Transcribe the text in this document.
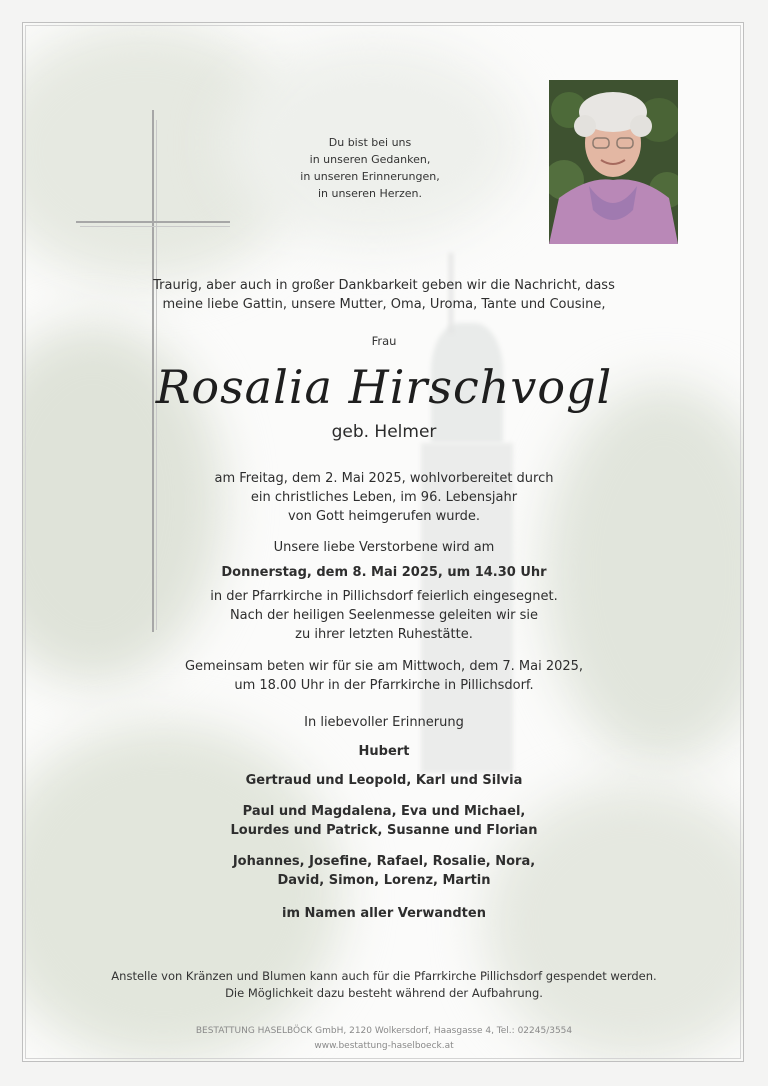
Du bist bei uns
in unseren Gedanken,
in unseren Erinnerungen,
in unseren Herzen.
Traurig, aber auch in großer Dankbarkeit geben wir die Nachricht, dass
meine liebe Gattin, unsere Mutter, Oma, Uroma, Tante und Cousine,
Frau
Rosalia Hirschvogl
geb. Helmer
am Freitag, dem 2. Mai 2025, wohlvorbereitet durch
ein christliches Leben, im 96. Lebensjahr
von Gott heimgerufen wurde.
Unsere liebe Verstorbene wird am
Donnerstag, dem 8. Mai 2025, um 14.30 Uhr
in der Pfarrkirche in Pillichsdorf feierlich eingesegnet.
Nach der heiligen Seelenmesse geleiten wir sie
zu ihrer letzten Ruhestätte.
Gemeinsam beten wir für sie am Mittwoch, dem 7. Mai 2025,
um 18.00 Uhr in der Pfarrkirche in Pillichsdorf.
In liebevoller Erinnerung
Hubert
Gertraud und Leopold, Karl und Silvia
Paul und Magdalena, Eva und Michael,
Lourdes und Patrick, Susanne und Florian
Johannes, Josefine, Rafael, Rosalie, Nora,
David, Simon, Lorenz, Martin
im Namen aller Verwandten
Anstelle von Kränzen und Blumen kann auch für die Pfarrkirche Pillichsdorf gespendet werden.
Die Möglichkeit dazu besteht während der Aufbahrung.
BESTATTUNG HASELBÖCK GmbH, 2120 Wolkersdorf, Haasgasse 4, Tel.: 02245/3554
www.bestattung-haselboeck.at
